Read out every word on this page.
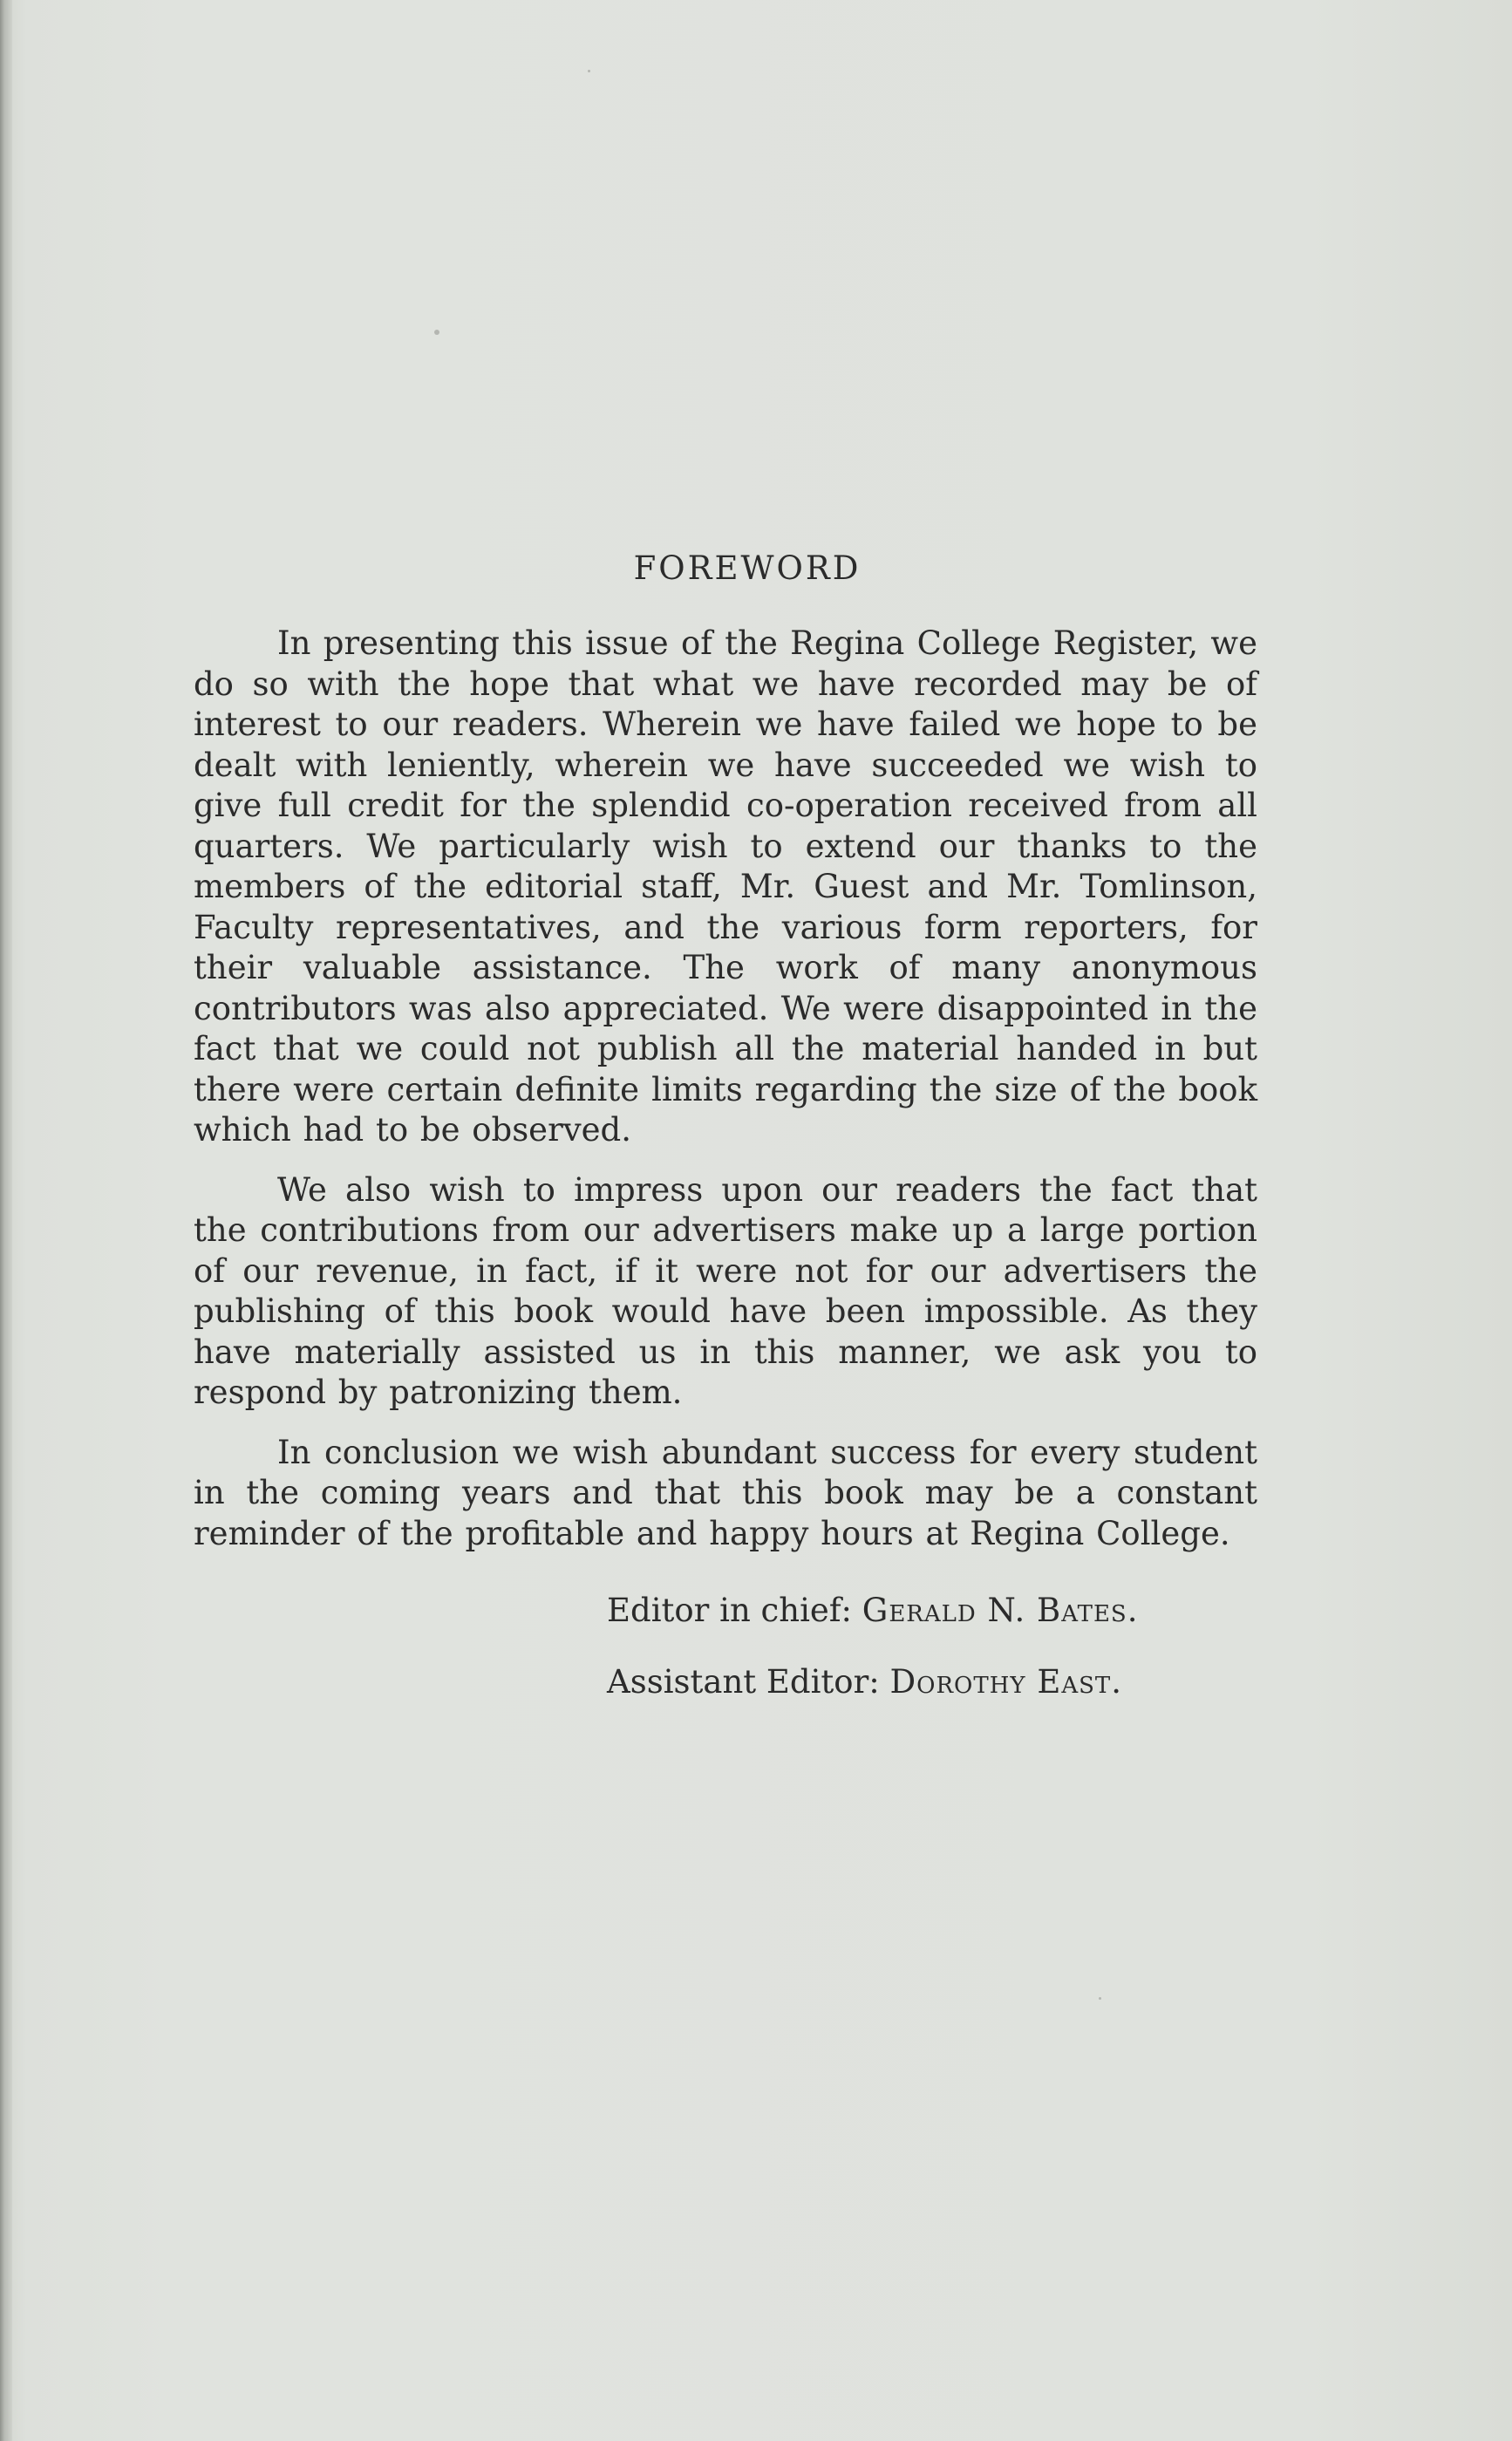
FOREWORD

In presenting this issue of the Regina College Register, we do so with the hope that what we have recorded may be of interest to our readers. Wherein we have failed we hope to be dealt with leniently, wherein we have succeeded we wish to give full credit for the splendid co-operation received from all quarters. We particularly wish to extend our thanks to the members of the editorial staff, Mr. Guest and Mr. Tomlinson, Faculty representatives, and the various form reporters, for their valuable assistance. The work of many anonymous contributors was also appreciated. We were disappointed in the fact that we could not publish all the material handed in but there were certain definite limits regarding the size of the book which had to be observed.

We also wish to impress upon our readers the fact that the contributions from our advertisers make up a large portion of our revenue, in fact, if it were not for our advertisers the publishing of this book would have been impossible. As they have materially assisted us in this manner, we ask you to respond by patronizing them.

In conclusion we wish abundant success for every student in the coming years and that this book may be a constant reminder of the profitable and happy hours at Regina College.

Editor in chief: Gerald N. Bates.
Assistant Editor: Dorothy East.
